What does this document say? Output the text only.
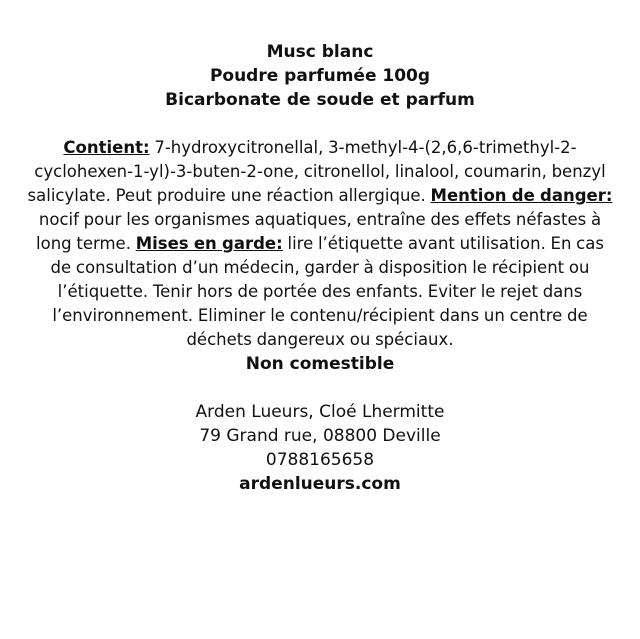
Musc blanc
Poudre parfumée 100g
Bicarbonate de soude et parfum
Contient: 7-hydroxycitronellal, 3-methyl-4-(2,6,6-trimethyl-2-cyclohexen-1-yl)-3-buten-2-one, citronellol, linalool, coumarin, benzyl salicylate. Peut produire une réaction allergique. Mention de danger: nocif pour les organismes aquatiques, entraîne des effets néfastes à long terme. Mises en garde: lire l’étiquette avant utilisation. En cas de consultation d’un médecin, garder à disposition le récipient ou l’étiquette. Tenir hors de portée des enfants. Eviter le rejet dans l’environnement. Eliminer le contenu/récipient dans un centre de déchets dangereux ou spéciaux.
Non comestible
Arden Lueurs, Cloé Lhermitte
79 Grand rue, 08800 Deville
0788165658
ardenlueurs.com
